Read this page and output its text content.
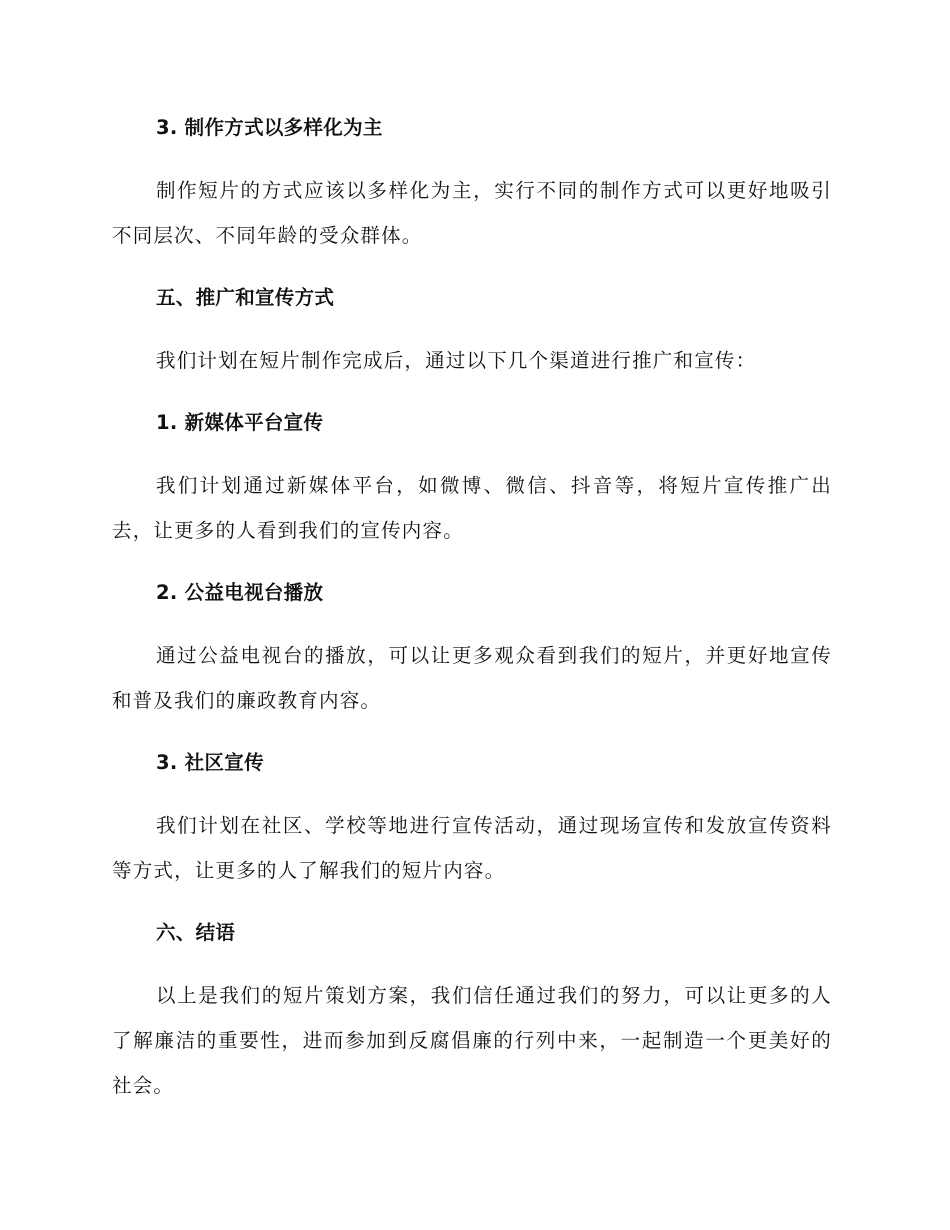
3. 制作方式以多样化为主

制作短片的方式应该以多样化为主，实行不同的制作方式可以更好地吸引不同层次、不同年龄的受众群体。

五、推广和宣传方式

我们计划在短片制作完成后，通过以下几个渠道进行推广和宣传：

1. 新媒体平台宣传

我们计划通过新媒体平台，如微博、微信、抖音等，将短片宣传推广出去，让更多的人看到我们的宣传内容。

2. 公益电视台播放

通过公益电视台的播放，可以让更多观众看到我们的短片，并更好地宣传和普及我们的廉政教育内容。

3. 社区宣传

我们计划在社区、学校等地进行宣传活动，通过现场宣传和发放宣传资料等方式，让更多的人了解我们的短片内容。

六、结语

以上是我们的短片策划方案，我们信任通过我们的努力，可以让更多的人了解廉洁的重要性，进而参加到反腐倡廉的行列中来，一起制造一个更美好的社会。
